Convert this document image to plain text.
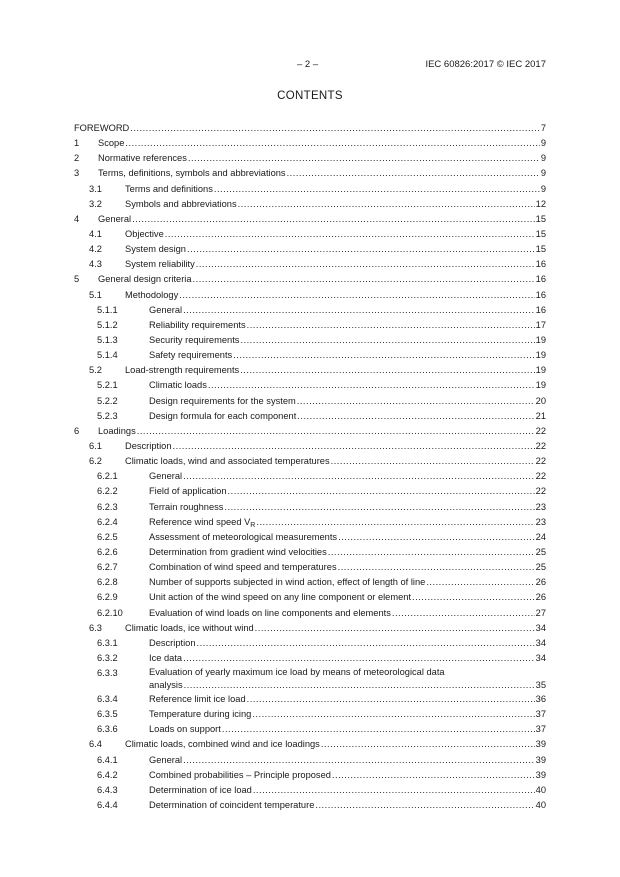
– 2 –	IEC 60826:2017 © IEC 2017
CONTENTS
FOREWORD .....	7
1 Scope .....	9
2 Normative references .....	9
3 Terms, definitions, symbols and abbreviations .....	9
3.1 Terms and definitions .....	9
3.2 Symbols and abbreviations .....	12
4 General .....	15
4.1 Objective .....	15
4.2 System design .....	15
4.3 System reliability .....	16
5 General design criteria .....	16
5.1 Methodology .....	16
5.1.1	General .....	16
5.1.2	Reliability requirements .....	17
5.1.3	Security requirements .....	19
5.1.4	Safety requirements .....	19
5.2 Load-strength requirements .....	19
5.2.1	Climatic loads .....	19
5.2.2	Design requirements for the system .....	20
5.2.3	Design formula for each component .....	21
6 Loadings .....	22
6.1 Description .....	22
6.2 Climatic loads, wind and associated temperatures .....	22
6.2.1	General .....	22
6.2.2	Field of application .....	22
6.2.3	Terrain roughness .....	23
6.2.4	Reference wind speed $V_R$ .....	23
6.2.5	Assessment of meteorological measurements .....	24
6.2.6	Determination from gradient wind velocities .....	25
6.2.7	Combination of wind speed and temperatures .....	25
6.2.8	Number of supports subjected in wind action, effect of length of line .....	26
6.2.9	Unit action of the wind speed on any line component or element .....	26
6.2.10	Evaluation of wind loads on line components and elements .....	27
6.3 Climatic loads, ice without wind .....	34
6.3.1	Description .....	34
6.3.2	Ice data .....	34
6.3.3	Evaluation of yearly maximum ice load by means of meteorological data
analysis .....	35
6.3.4	Reference limit ice load .....	36
6.3.5	Temperature during icing .....	37
6.3.6	Loads on support .....	37
6.4 Climatic loads, combined wind and ice loadings .....	39
6.4.1	General .....	39
6.4.2	Combined probabilities – Principle proposed .....	39
6.4.3	Determination of ice load .....	40
6.4.4	Determination of coincident temperature .....	40
